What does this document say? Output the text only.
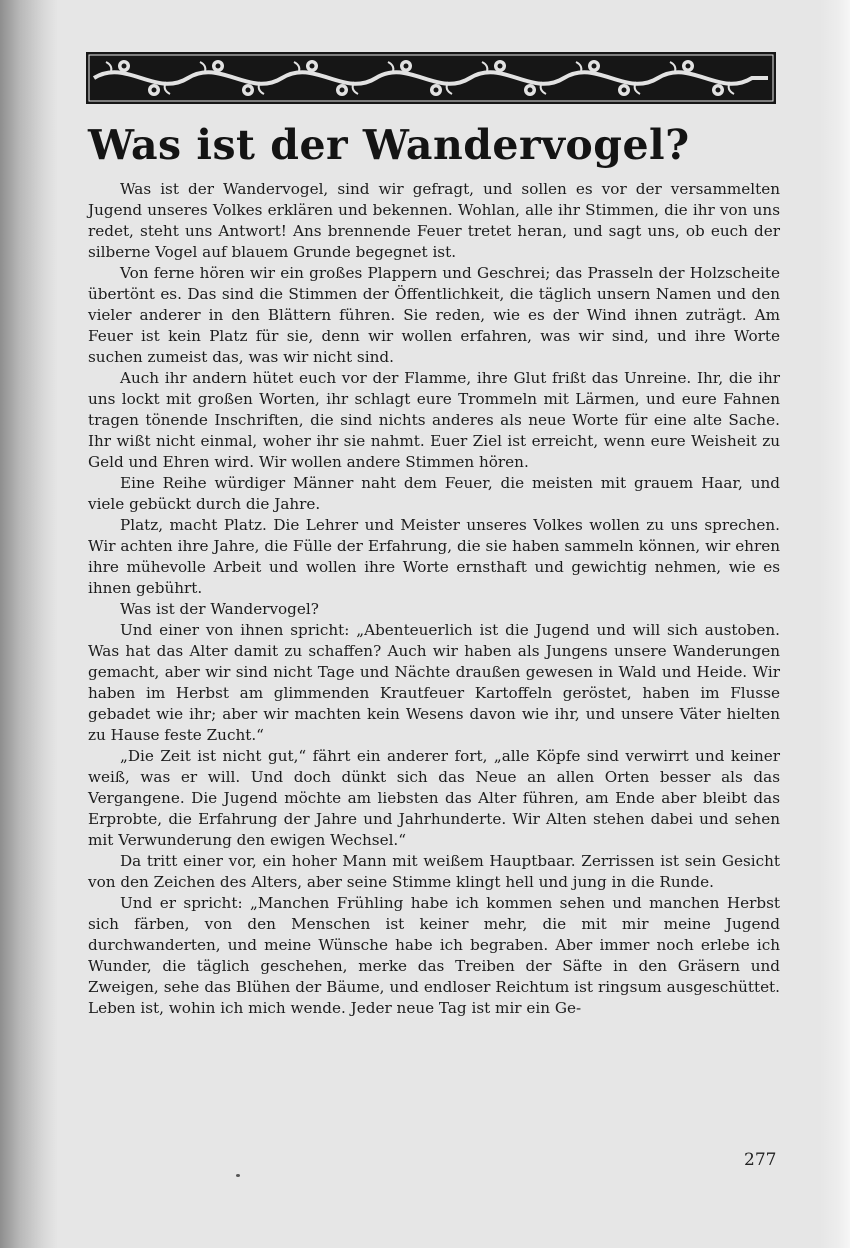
Was ist der Wandervogel?

Was ist der Wandervogel, sind wir gefragt, und sollen es vor der versammelten Jugend unseres Volkes erklären und bekennen. Wohlan, alle ihr Stimmen, die ihr von uns redet, steht uns Antwort! Ans brennende Feuer tretet heran, und sagt uns, ob euch der silberne Vogel auf blauem Grunde begegnet ist.

Von ferne hören wir ein großes Plappern und Geschrei; das Prasseln der Holzscheite übertönt es. Das sind die Stimmen der Öffentlichkeit, die täglich unsern Namen und den vieler anderer in den Blättern führen. Sie reden, wie es der Wind ihnen zuträgt. Am Feuer ist kein Platz für sie, denn wir wollen erfahren, was wir sind, und ihre Worte suchen zumeist das, was wir nicht sind.

Auch ihr andern hütet euch vor der Flamme, ihre Glut frißt das Unreine. Ihr, die ihr uns lockt mit großen Worten, ihr schlagt eure Trommeln mit Lärmen, und eure Fahnen tragen tönende Inschriften, die sind nichts anderes als neue Worte für eine alte Sache. Ihr wißt nicht einmal, woher ihr sie nahmt. Euer Ziel ist erreicht, wenn eure Weisheit zu Geld und Ehren wird. Wir wollen andere Stimmen hören.

Eine Reihe würdiger Männer naht dem Feuer, die meisten mit grauem Haar, und viele gebückt durch die Jahre.

Platz, macht Platz. Die Lehrer und Meister unseres Volkes wollen zu uns sprechen. Wir achten ihre Jahre, die Fülle der Erfahrung, die sie haben sammeln können, wir ehren ihre mühevolle Arbeit und wollen ihre Worte ernsthaft und gewichtig nehmen, wie es ihnen gebührt.

Was ist der Wandervogel?

Und einer von ihnen spricht: „Abenteuerlich ist die Jugend und will sich austoben. Was hat das Alter damit zu schaffen? Auch wir haben als Jungens unsere Wanderungen gemacht, aber wir sind nicht Tage und Nächte draußen gewesen in Wald und Heide. Wir haben im Herbst am glimmenden Krautfeuer Kartoffeln geröstet, haben im Flusse gebadet wie ihr; aber wir machten kein Wesens davon wie ihr, und unsere Väter hielten zu Hause feste Zucht.“

„Die Zeit ist nicht gut,“ fährt ein anderer fort, „alle Köpfe sind verwirrt und keiner weiß, was er will. Und doch dünkt sich das Neue an allen Orten besser als das Vergangene. Die Jugend möchte am liebsten das Alter führen, am Ende aber bleibt das Erprobte, die Erfahrung der Jahre und Jahrhunderte. Wir Alten stehen dabei und sehen mit Verwunderung den ewigen Wechsel.“

Da tritt einer vor, ein hoher Mann mit weißem Hauptbaar. Zerrissen ist sein Gesicht von den Zeichen des Alters, aber seine Stimme klingt hell und jung in die Runde.

Und er spricht: „Manchen Frühling habe ich kommen sehen und manchen Herbst sich färben, von den Menschen ist keiner mehr, die mit mir meine Jugend durchwanderten, und meine Wünsche habe ich begraben. Aber immer noch erlebe ich Wunder, die täglich geschehen, merke das Treiben der Säfte in den Gräsern und Zweigen, sehe das Blühen der Bäume, und endloser Reichtum ist ringsum ausgeschüttet. Leben ist, wohin ich mich wende. Jeder neue Tag ist mir ein Ge-

277
